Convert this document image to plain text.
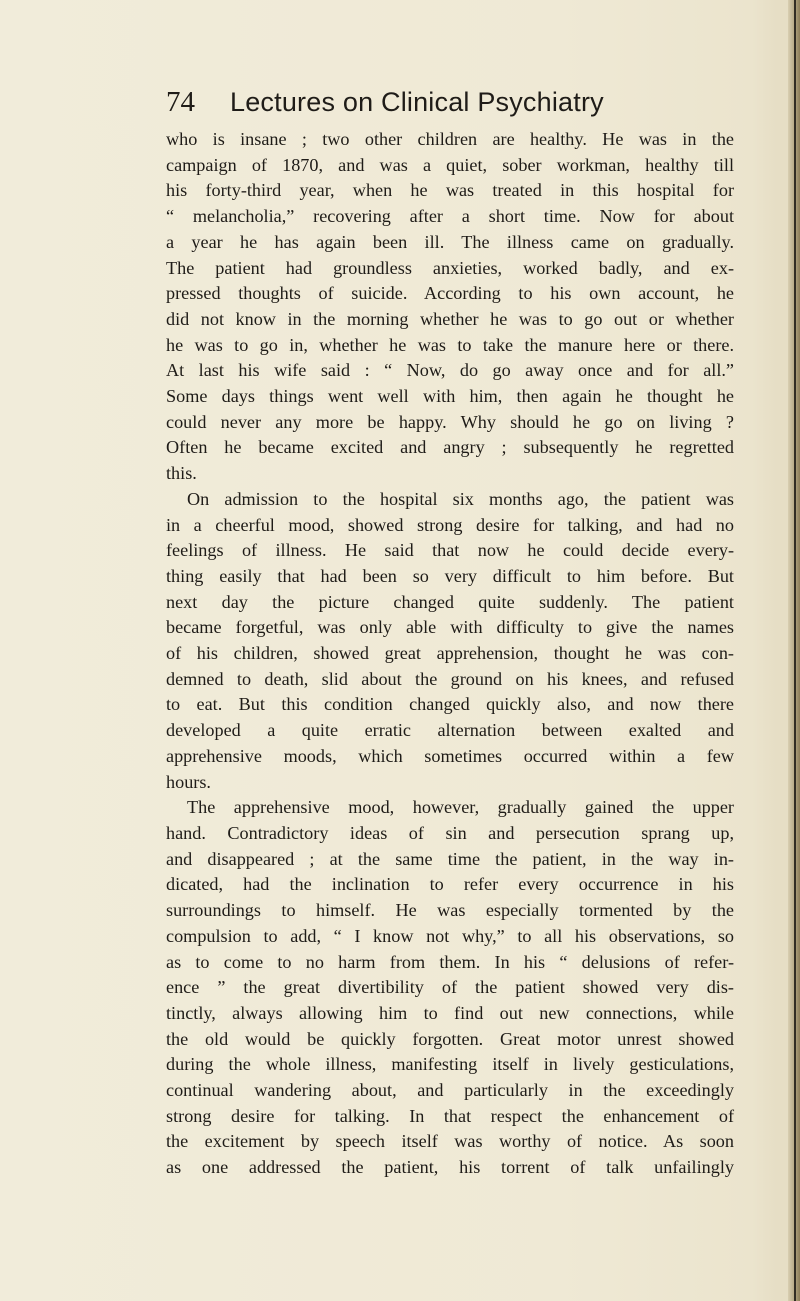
74 Lectures on Clinical Psychiatry
who is insane ; two other children are healthy. He was in the
campaign of 1870, and was a quiet, sober workman, healthy till
his forty-third year, when he was treated in this hospital for
“ melancholia,” recovering after a short time. Now for about
a year he has again been ill. The illness came on gradually.
The patient had groundless anxieties, worked badly, and ex-
pressed thoughts of suicide. According to his own account, he
did not know in the morning whether he was to go out or whether
he was to go in, whether he was to take the manure here or there.
At last his wife said : “ Now, do go away once and for all.”
Some days things went well with him, then again he thought he
could never any more be happy. Why should he go on living ?
Often he became excited and angry ; subsequently he regretted
this.
On admission to the hospital six months ago, the patient was
in a cheerful mood, showed strong desire for talking, and had no
feelings of illness. He said that now he could decide every-
thing easily that had been so very difficult to him before. But
next day the picture changed quite suddenly. The patient
became forgetful, was only able with difficulty to give the names
of his children, showed great apprehension, thought he was con-
demned to death, slid about the ground on his knees, and refused
to eat. But this condition changed quickly also, and now there
developed a quite erratic alternation between exalted and
apprehensive moods, which sometimes occurred within a few
hours.
The apprehensive mood, however, gradually gained the upper
hand. Contradictory ideas of sin and persecution sprang up,
and disappeared ; at the same time the patient, in the way in-
dicated, had the inclination to refer every occurrence in his
surroundings to himself. He was especially tormented by the
compulsion to add, “ I know not why,” to all his observations, so
as to come to no harm from them. In his “ delusions of refer-
ence ” the great divertibility of the patient showed very dis-
tinctly, always allowing him to find out new connections, while
the old would be quickly forgotten. Great motor unrest showed
during the whole illness, manifesting itself in lively gesticulations,
continual wandering about, and particularly in the exceedingly
strong desire for talking. In that respect the enhancement of
the excitement by speech itself was worthy of notice. As soon
as one addressed the patient, his torrent of talk unfailingly
